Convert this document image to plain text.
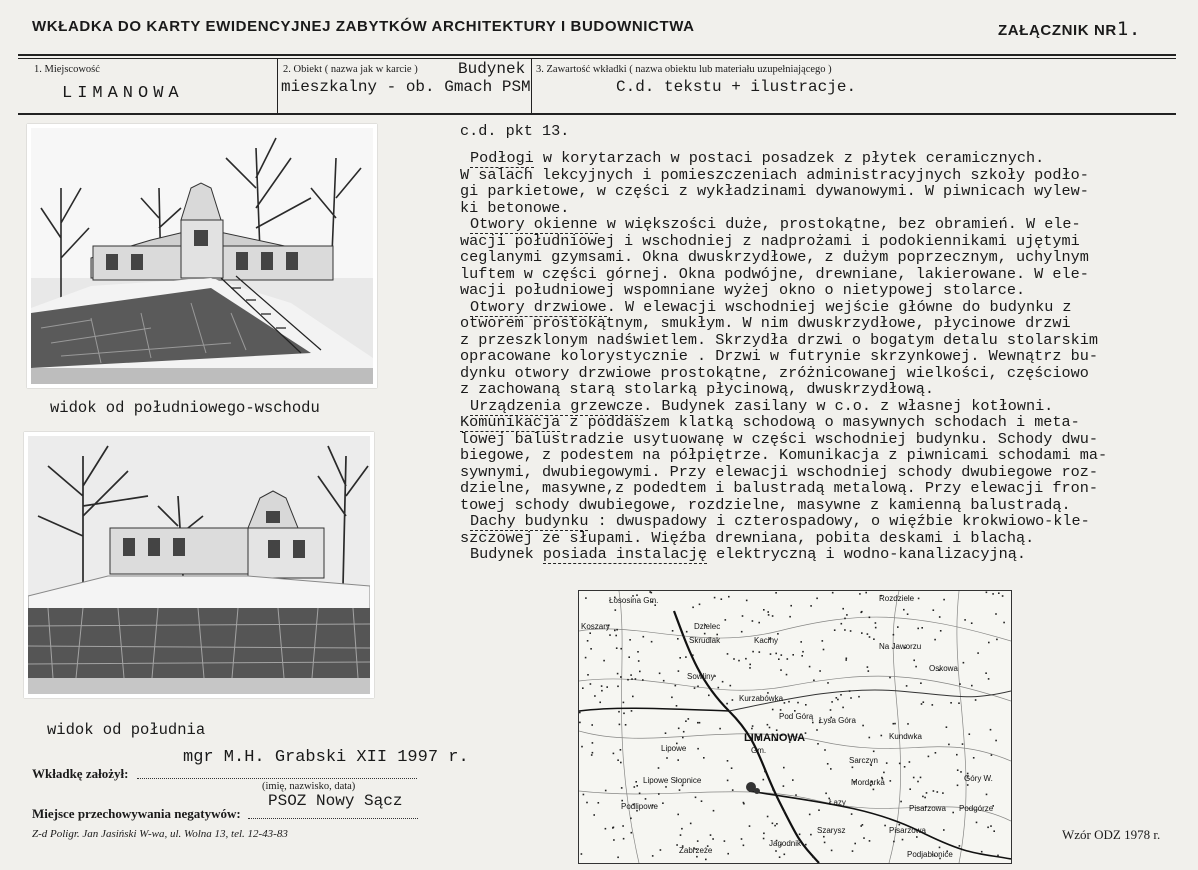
WKŁADKA DO KARTY EWIDENCYJNEJ ZABYTKÓW ARCHITEKTURY I BUDOWNICTWA	ZAŁĄCZNIK NR1.
1. Miejscowość
LIMANOWA
2. Obiekt ( nazwa jak w karcie )	Budynek
mieszkalny - ob. Gmach PSM
3. Zawartość wkładki ( nazwa obiektu lub materiału uzupełniającego )
C.d. tekstu + ilustracje.
c.d. pkt 13.
Podłogi w korytarzach w postaci posadzek z płytek ceramicznych.
W salach lekcyjnych i pomieszczeniach administracyjnych szkoły podło-
gi parkietowe, w części z wykładzinami dywanowymi. W piwnicach wylew-
ki betonowe.
Otwory okienne w większości duże, prostokątne, bez obramień. W ele-
wacji południowej i wschodniej z nadprożami i podokiennikami ujętymi
ceglanymi gzymsami. Okna dwuskrzydłowe, z dużym poprzecznym, uchylnym
luftem w części górnej. Okna podwójne, drewniane, lakierowane. W ele-
wacji południowej wspomniane wyżej okno o nietypowej stolarce.
Otwory drzwiowe. W elewacji wschodniej wejście główne do budynku z
otworem prostokątnym, smukłym. W nim dwuskrzydłowe, płycinowe drzwi
z przeszklonym nadświetlem. Skrzydła drzwi o bogatym detalu stolarskim
opracowane kolorystycznie . Drzwi w futrynie skrzynkowej. Wewnątrz bu-
dynku otwory drzwiowe prostokątne, zróżnicowanej wielkości, częściowo
z zachowaną starą stolarką płycinową, dwuskrzydłową.
Urządzenia grzewcze. Budynek zasilany w c.o. z własnej kotłowni.
Komunikacja z poddaszem klatką schodową o masywnych schodach i meta-
lowej balustradzie usytuowanę w części wschodniej budynku. Schody dwu-
biegowe, z podestem na półpiętrze. Komunikacja z piwnicami schodami ma-
sywnymi, dwubiegowymi. Przy elewacji wschodniej schody dwubiegowe roz-
dzielne, masywne,z podedtem i balustradą metalową. Przy elewacji fron-
towej schody dwubiegowe, rozdzielne, masywne z kamienną balustradą.
Dachy budynku : dwuspadowy i czterospadowy, o więźbie krokwiowo-kle-
szczowej ze słupami. Więźba drewniana, pobita deskami i blachą.
Budynek posiada instalację elektryczną i wodno-kanalizacyjną.
widok od południowego-wschodu
widok od południa
Łososina Gm.	Rozdziele
Koszary	Dzielec
Skrudlak	Kaciny
Na Jaworzu
Sowliny
Oskowa
Kurzabówka
Pod Górą Łysa Góra
Kundwka
Lipowe
LIMANOWA
Gm.
Sarczyn
Lipowe Słopnice	Mordarka	Góry W.
Podlipowe	Łazy
Pisarzowa Podgórze
Szarysz	Pisarzowa
Podjabłonice
Zabrzeże
Jagodnik
Wkładkę założył:
mgr M.H. Grabski XII 1997 r.
(imię, nazwisko, data)
Miejsce przechowywania negatywów:
PSOZ Nowy Sącz
Z-d Poligr. Jan Jasiński W-wa, ul. Wolna 13, tel. 12-43-83	Wzór ODZ 1978 r.
